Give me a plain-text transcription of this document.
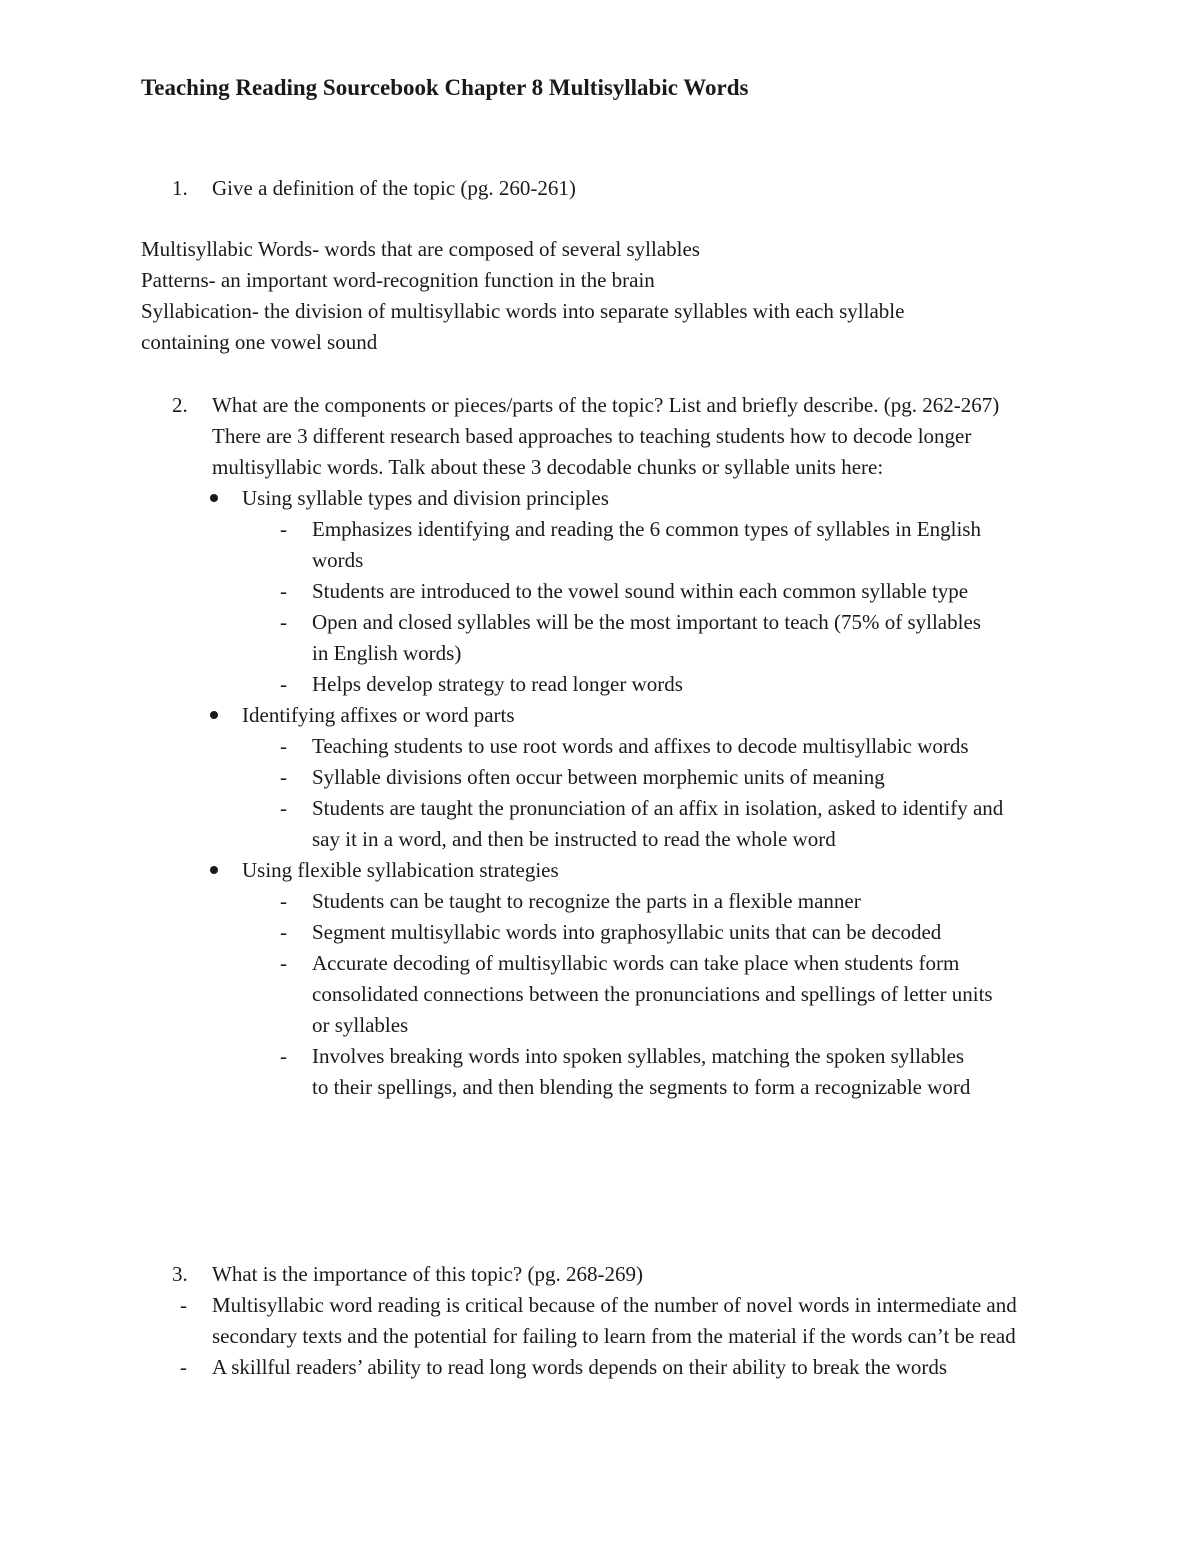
Teaching Reading Sourcebook Chapter 8 Multisyllabic Words
1. Give a definition of the topic (pg. 260-261)
Multisyllabic Words- words that are composed of several syllables
Patterns- an important word-recognition function in the brain
Syllabication- the division of multisyllabic words into separate syllables with each syllable
containing one vowel sound
2. What are the components or pieces/parts of the topic? List and briefly describe. (pg. 262-267)
There are 3 different research based approaches to teaching students how to decode longer multisyllabic words. Talk about these 3 decodable chunks or syllable units here:
Using syllable types and division principles
- Emphasizes identifying and reading the 6 common types of syllables in English words
- Students are introduced to the vowel sound within each common syllable type
- Open and closed syllables will be the most important to teach (75% of syllables in English words)
- Helps develop strategy to read longer words
Identifying affixes or word parts
- Teaching students to use root words and affixes to decode multisyllabic words
- Syllable divisions often occur between morphemic units of meaning
- Students are taught the pronunciation of an affix in isolation, asked to identify and say it in a word, and then be instructed to read the whole word
Using flexible syllabication strategies
- Students can be taught to recognize the parts in a flexible manner
- Segment multisyllabic words into graphosyllabic units that can be decoded
- Accurate decoding of multisyllabic words can take place when students form consolidated connections between the pronunciations and spellings of letter units or syllables
- Involves breaking words into spoken syllables, matching the spoken syllables to their spellings, and then blending the segments to form a recognizable word
3. What is the importance of this topic? (pg. 268-269)
- Multisyllabic word reading is critical because of the number of novel words in intermediate and secondary texts and the potential for failing to learn from the material if the words can’t be read
- A skillful readers’ ability to read long words depends on their ability to break the words
